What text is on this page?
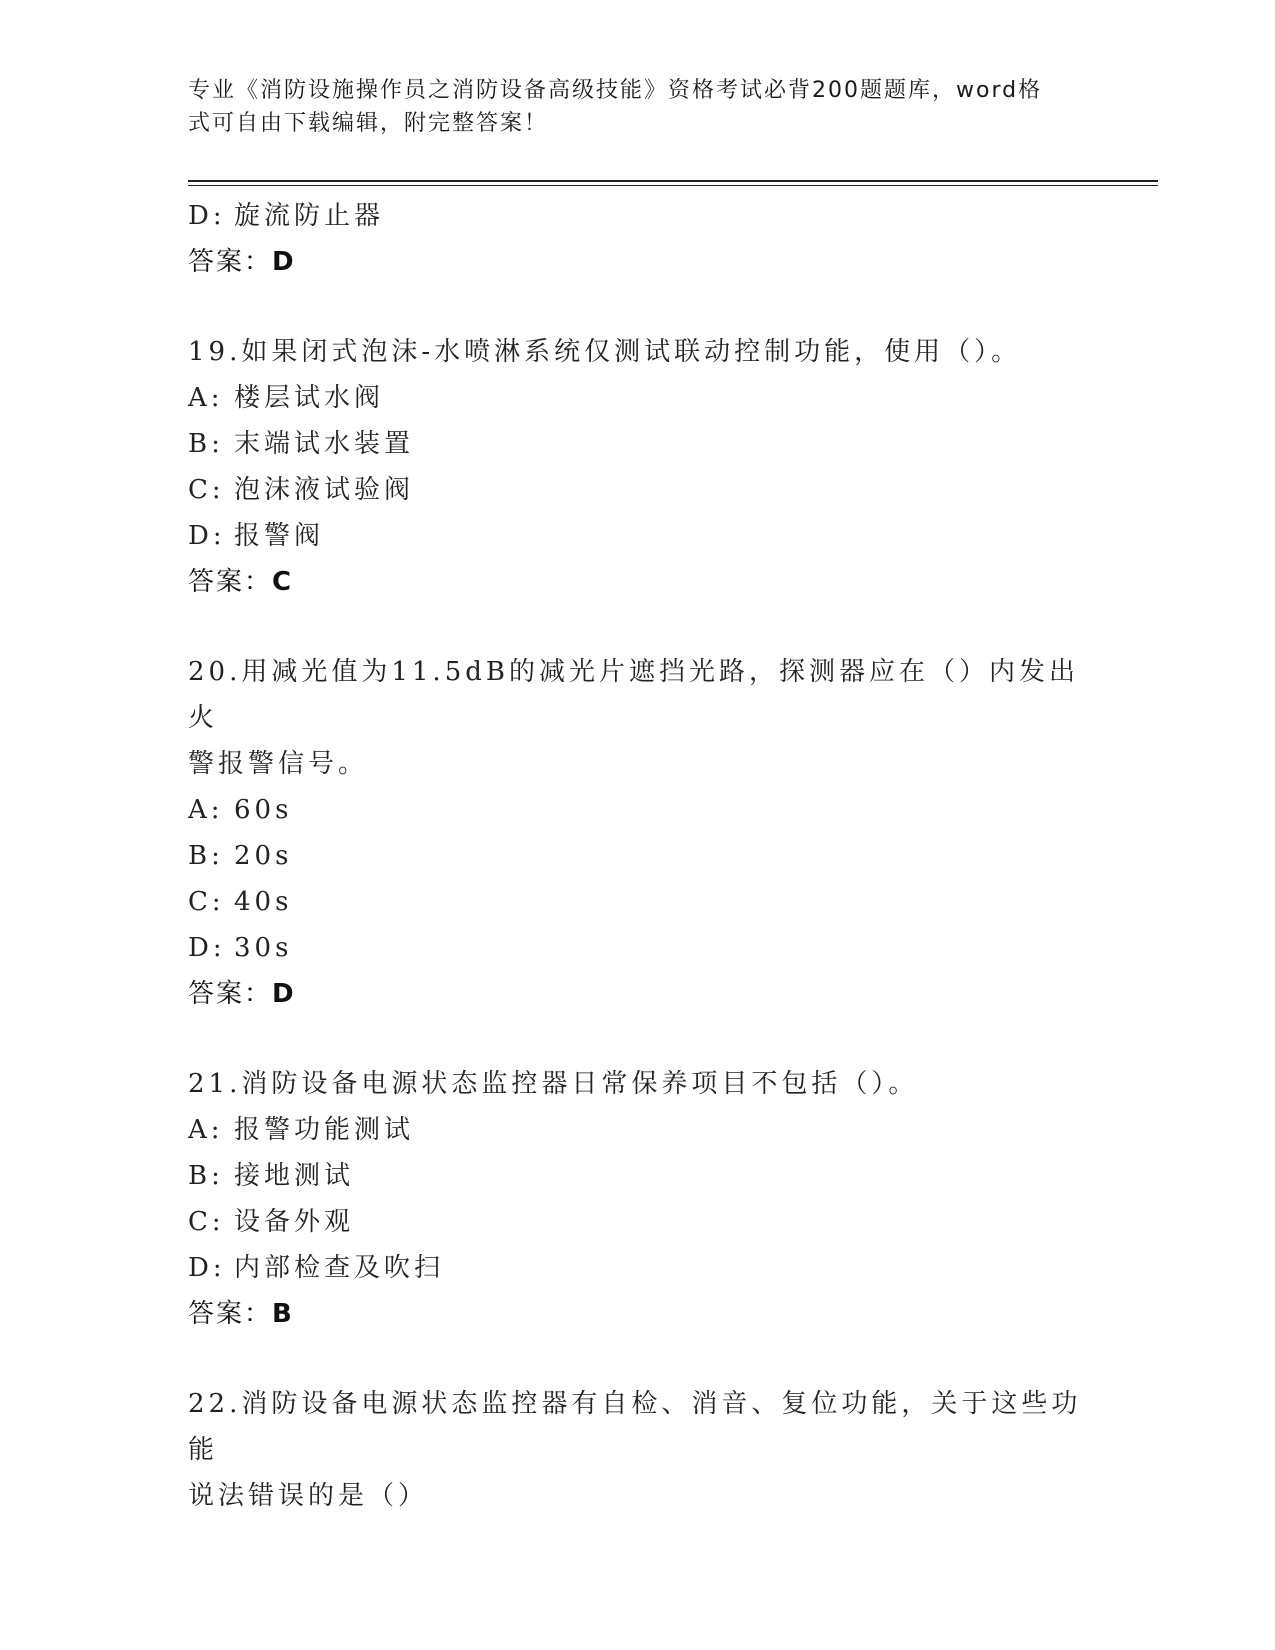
专业《消防设施操作员之消防设备高级技能》资格考试必背200题题库，word格
式可自由下载编辑，附完整答案！
D: 旋流防止器
答案：D
19.如果闭式泡沫-水喷淋系统仅测试联动控制功能，使用（）。
A: 楼层试水阀
B: 末端试水装置
C: 泡沫液试验阀
D: 报警阀
答案：C
20.用减光值为11.5dB的减光片遮挡光路，探测器应在（）内发出火
警报警信号。
A: 60s
B: 20s
C: 40s
D: 30s
答案：D
21.消防设备电源状态监控器日常保养项目不包括（）。
A: 报警功能测试
B: 接地测试
C: 设备外观
D: 内部检查及吹扫
答案：B
22.消防设备电源状态监控器有自检、消音、复位功能，关于这些功能
说法错误的是（）
